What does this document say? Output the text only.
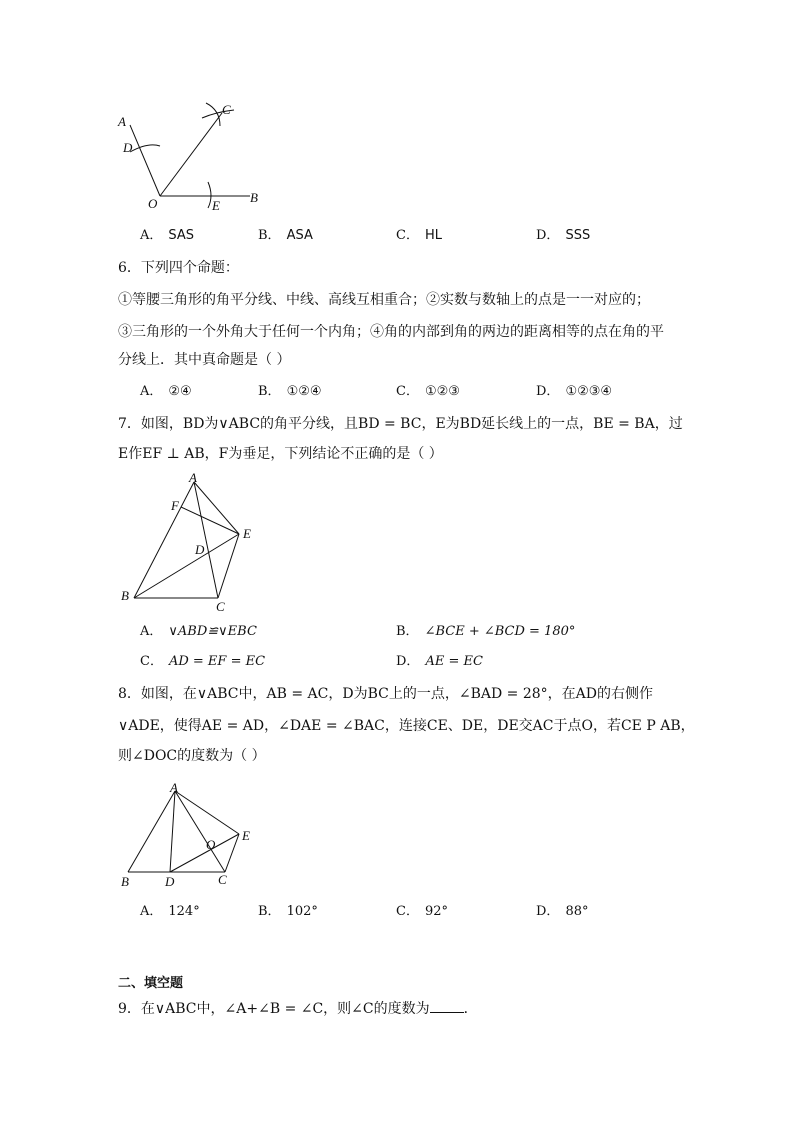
A
C
D
O	E
B
A． SAS	B． ASA	C． HL	D． SSS
6．下列四个命题：
①等腰三角形的角平分线、中线、高线互相重合；②实数与数轴上的点是一一对应的；
③三角形的一个外角大于任何一个内角；④角的内部到角的两边的距离相等的点在角的平
分线上．其中真命题是（ ）
A． ②④	B． ①②④	C． ①②③	D． ①②③④
7．如图，BD为∨ABC的角平分线，且BD = BC，E为BD延长线上的一点，BE = BA，过
E作EF ⊥ AB，F为垂足，下列结论不正确的是（ ）
A
F
E
D
B
C
A． ∨ABD≌∨EBC	B． ∠BCE + ∠BCD = 180°
C． AD = EF = EC	D． AE = EC
8．如图，在∨ABC中，AB = AC，D为BC上的一点，∠BAD = 28°，在AD的右侧作
∨ADE，使得AE = AD，∠DAE = ∠BAC，连接CE、DE，DE交AC于点O，若CE P AB，
则∠DOC的度数为（ ）
A
E
O
B	D	C
A． 124°	B． 102°	C． 92°	D． 88°
二、填空题
9．在∨ABC中，∠A+∠B = ∠C，则∠C的度数为 ．
